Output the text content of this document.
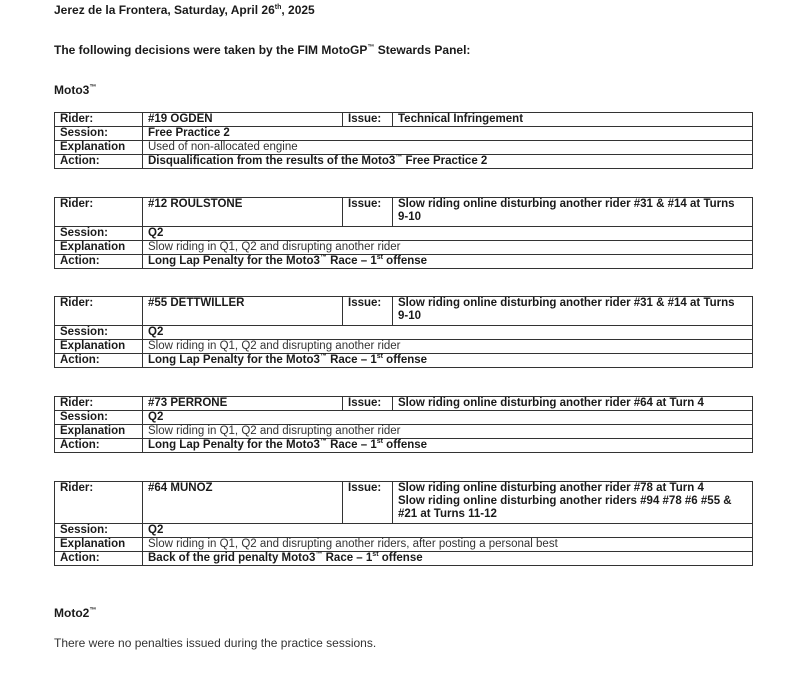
Jerez de la Frontera, Saturday, April 26th, 2025
The following decisions were taken by the FIM MotoGP™ Stewards Panel:
Moto3™
Rider:	#19 OGDEN	Issue:	Technical Infringement
Session:	Free Practice 2		
Explanation	Used of non-allocated engine		
Action:	Disqualification from the results of the Moto3™ Free Practice 2		
Rider:	#12 ROULSTONE	Issue:	Slow riding online disturbing another rider #31 & #14 at Turns 9-10
Session:	Q2		
Explanation	Slow riding in Q1, Q2 and disrupting another rider		
Action:	Long Lap Penalty for the Moto3™ Race – 1st offense		
Rider:	#55 DETTWILLER	Issue:	Slow riding online disturbing another rider #31 & #14 at Turns 9-10
Session:	Q2		
Explanation	Slow riding in Q1, Q2 and disrupting another rider		
Action:	Long Lap Penalty for the Moto3™ Race – 1st offense		
Rider:	#73 PERRONE	Issue:	Slow riding online disturbing another rider #64 at Turn 4
Session:	Q2		
Explanation	Slow riding in Q1, Q2 and disrupting another rider		
Action:	Long Lap Penalty for the Moto3™ Race – 1st offense		
Rider:	#64 MUNOZ	Issue:	Slow riding online disturbing another rider #78 at Turn 4
Slow riding online disturbing another riders #94 #78 #6 #55 & #21 at Turns 11-12

Session:	Q2		
Explanation	Slow riding in Q1, Q2 and disrupting another riders, after posting a personal best		
Action:	Back of the grid penalty Moto3™ Race – 1st offense		
Moto2™
There were no penalties issued during the practice sessions.
